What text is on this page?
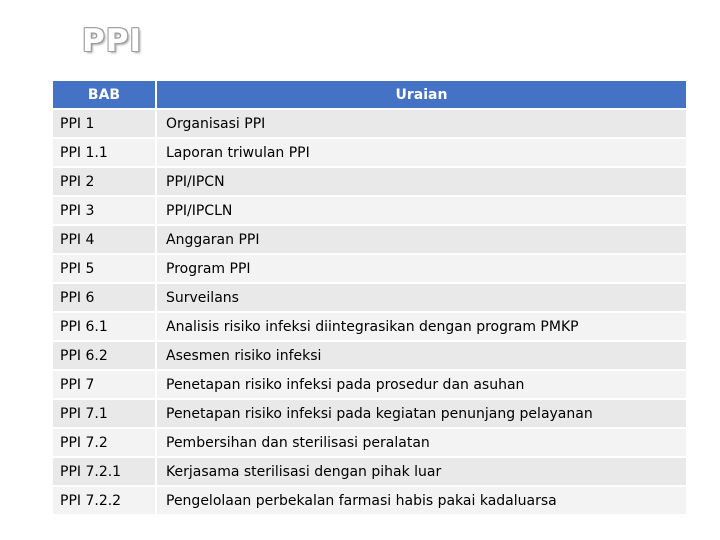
PPI
BAB	Uraian
PPI 1	Organisasi PPI
PPI 1.1	Laporan triwulan PPI
PPI 2	PPI/IPCN
PPI 3	PPI/IPCLN
PPI 4	Anggaran PPI
PPI 5	Program PPI
PPI 6	Surveilans
PPI 6.1	Analisis risiko infeksi diintegrasikan dengan program PMKP
PPI 6.2	Asesmen risiko infeksi
PPI 7	Penetapan risiko infeksi pada prosedur dan asuhan
PPI 7.1	Penetapan risiko infeksi pada kegiatan penunjang pelayanan
PPI 7.2	Pembersihan dan sterilisasi peralatan
PPI 7.2.1	Kerjasama sterilisasi dengan pihak luar
PPI 7.2.2	Pengelolaan perbekalan farmasi habis pakai kadaluarsa
